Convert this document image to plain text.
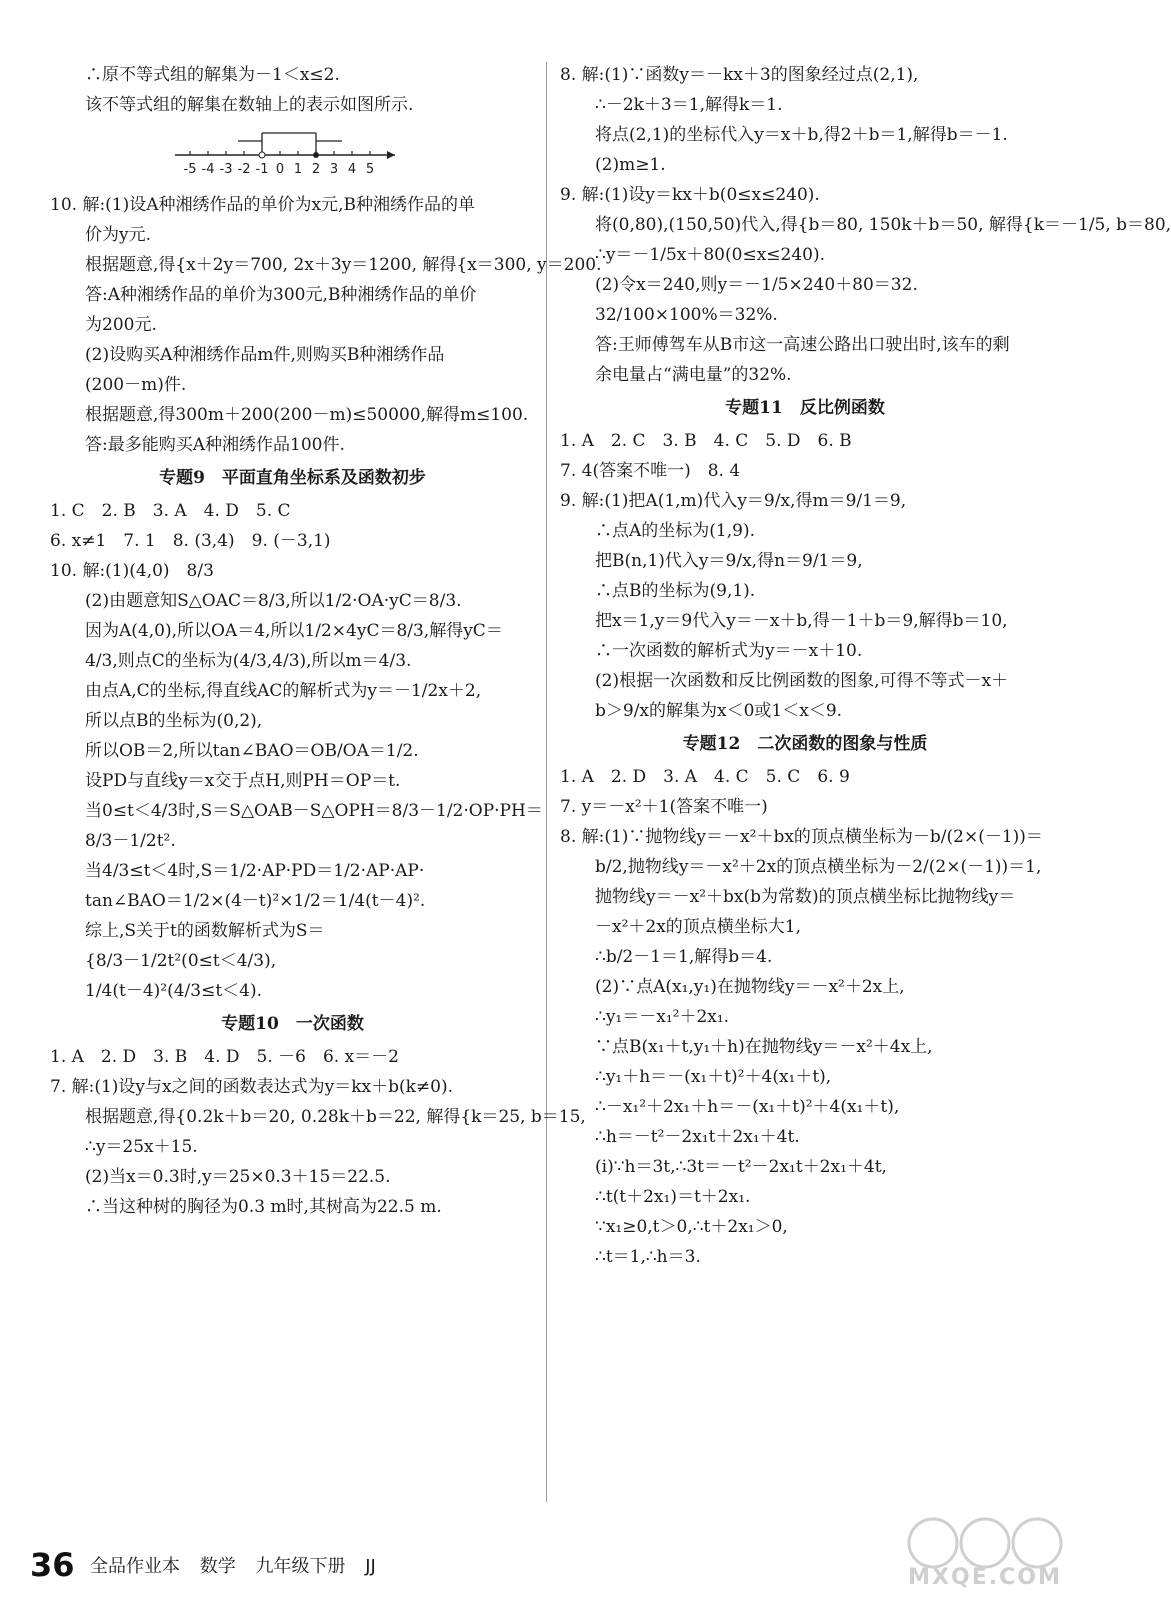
∴原不等式组的解集为－1＜x≤2.
该不等式组的解集在数轴上的表示如图所示.
-5 -4 -3 -2 -1 0 1 2 3 4 5
10. 解:(1)设A种湘绣作品的单价为x元,B种湘绣作品的单
价为y元.
根据题意,得{x＋2y＝700, 2x＋3y＝1200, 解得{x＝300, y＝200.
答:A种湘绣作品的单价为300元,B种湘绣作品的单价
为200元.
(2)设购买A种湘绣作品m件,则购买B种湘绣作品
(200－m)件.
根据题意,得300m＋200(200－m)≤50000,解得m≤100.
答:最多能购买A种湘绣作品100件.
专题9　平面直角坐标系及函数初步
1. C　2. B　3. A　4. D　5. C
6. x≠1　7. 1　8. (3,4)　9. (－3,1)
10. 解:(1)(4,0)　8/3
(2)由题意知S△OAC＝8/3,所以1/2·OA·yC＝8/3.
因为A(4,0),所以OA＝4,所以1/2×4yC＝8/3,解得yC＝
4/3,则点C的坐标为(4/3,4/3),所以m＝4/3.
由点A,C的坐标,得直线AC的解析式为y＝－1/2x＋2,
所以点B的坐标为(0,2),
所以OB＝2,所以tan∠BAO＝OB/OA＝1/2.
设PD与直线y＝x交于点H,则PH＝OP＝t.
当0≤t＜4/3时,S＝S△OAB－S△OPH＝8/3－1/2·OP·PH＝
8/3－1/2t².
当4/3≤t＜4时,S＝1/2·AP·PD＝1/2·AP·AP·
tan∠BAO＝1/2×(4－t)²×1/2＝1/4(t－4)².
综上,S关于t的函数解析式为S＝
{8/3－1/2t²(0≤t＜4/3),
1/4(t－4)²(4/3≤t＜4).
专题10　一次函数
1. A　2. D　3. B　4. D　5. －6　6. x＝－2
7. 解:(1)设y与x之间的函数表达式为y＝kx＋b(k≠0).
根据题意,得{0.2k＋b＝20, 0.28k＋b＝22, 解得{k＝25, b＝15,
∴y＝25x＋15.
(2)当x＝0.3时,y＝25×0.3＋15＝22.5.
∴当这种树的胸径为0.3 m时,其树高为22.5 m.
8. 解:(1)∵函数y＝－kx＋3的图象经过点(2,1),
∴－2k＋3＝1,解得k＝1.
将点(2,1)的坐标代入y＝x＋b,得2＋b＝1,解得b＝－1.
(2)m≥1.
9. 解:(1)设y＝kx＋b(0≤x≤240).
将(0,80),(150,50)代入,得{b＝80, 150k＋b＝50, 解得{k＝－1/5, b＝80,
∴y＝－1/5x＋80(0≤x≤240).
(2)令x＝240,则y＝－1/5×240＋80＝32.
32/100×100%＝32%.
答:王师傅驾车从B市这一高速公路出口驶出时,该车的剩
余电量占“满电量”的32%.
专题11　反比例函数
1. A　2. C　3. B　4. C　5. D　6. B
7. 4(答案不唯一)　8. 4
9. 解:(1)把A(1,m)代入y＝9/x,得m＝9/1＝9,
∴点A的坐标为(1,9).
把B(n,1)代入y＝9/x,得n＝9/1＝9,
∴点B的坐标为(9,1).
把x＝1,y＝9代入y＝－x＋b,得－1＋b＝9,解得b＝10,
∴一次函数的解析式为y＝－x＋10.
(2)根据一次函数和反比例函数的图象,可得不等式－x＋
b＞9/x的解集为x＜0或1＜x＜9.
专题12　二次函数的图象与性质
1. A　2. D　3. A　4. C　5. C　6. 9
7. y＝－x²＋1(答案不唯一)
8. 解:(1)∵抛物线y＝－x²＋bx的顶点横坐标为－b/(2×(－1))＝
b/2,抛物线y＝－x²＋2x的顶点横坐标为－2/(2×(－1))＝1,
抛物线y＝－x²＋bx(b为常数)的顶点横坐标比抛物线y＝
－x²＋2x的顶点横坐标大1,
∴b/2－1＝1,解得b＝4.
(2)∵点A(x₁,y₁)在抛物线y＝－x²＋2x上,
∴y₁＝－x₁²＋2x₁.
∵点B(x₁＋t,y₁＋h)在抛物线y＝－x²＋4x上,
∴y₁＋h＝－(x₁＋t)²＋4(x₁＋t),
∴－x₁²＋2x₁＋h＝－(x₁＋t)²＋4(x₁＋t),
∴h＝－t²－2x₁t＋2x₁＋4t.
(i)∵h＝3t,∴3t＝－t²－2x₁t＋2x₁＋4t,
∴t(t＋2x₁)＝t＋2x₁.
∵x₁≥0,t＞0,∴t＋2x₁＞0,
∴t＝1,∴h＝3.
36 全品作业本 数学 九年级下册 JJ	MXQE.COM
